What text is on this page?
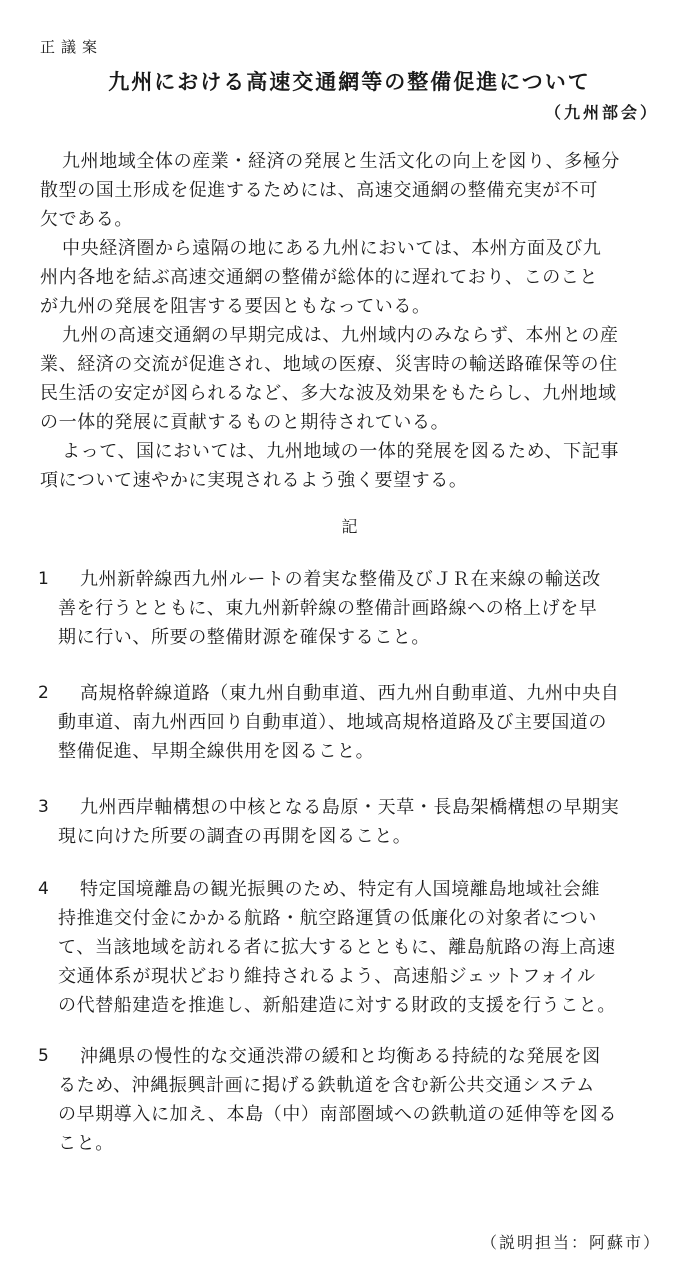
正議案
九州における高速交通網等の整備促進について
（九州部会）
九州地域全体の産業・経済の発展と生活文化の向上を図り、多極分
散型の国土形成を促進するためには、高速交通網の整備充実が不可
欠である。
中央経済圏から遠隔の地にある九州においては、本州方面及び九
州内各地を結ぶ高速交通網の整備が総体的に遅れており、このこと
が九州の発展を阻害する要因ともなっている。
九州の高速交通網の早期完成は、九州域内のみならず、本州との産
業、経済の交流が促進され、地域の医療、災害時の輸送路確保等の住
民生活の安定が図られるなど、多大な波及効果をもたらし、九州地域
の一体的発展に貢献するものと期待されている。
よって、国においては、九州地域の一体的発展を図るため、下記事
項について速やかに実現されるよう強く要望する。
記
1	九州新幹線西九州ルートの着実な整備及びＪＲ在来線の輸送改
善を行うとともに、東九州新幹線の整備計画路線への格上げを早
期に行い、所要の整備財源を確保すること。
2	高規格幹線道路（東九州自動車道、西九州自動車道、九州中央自
動車道、南九州西回り自動車道）、地域高規格道路及び主要国道の
整備促進、早期全線供用を図ること。
3	九州西岸軸構想の中核となる島原・天草・長島架橋構想の早期実
現に向けた所要の調査の再開を図ること。
4	特定国境離島の観光振興のため、特定有人国境離島地域社会維
持推進交付金にかかる航路・航空路運賃の低廉化の対象者につい
て、当該地域を訪れる者に拡大するとともに、離島航路の海上高速
交通体系が現状どおり維持されるよう、高速船ジェットフォイル
の代替船建造を推進し、新船建造に対する財政的支援を行うこと。
5	沖縄県の慢性的な交通渋滞の緩和と均衡ある持続的な発展を図
るため、沖縄振興計画に掲げる鉄軌道を含む新公共交通システム
の早期導入に加え、本島（中）南部圏域への鉄軌道の延伸等を図る
こと。
（説明担当：阿蘇市）
